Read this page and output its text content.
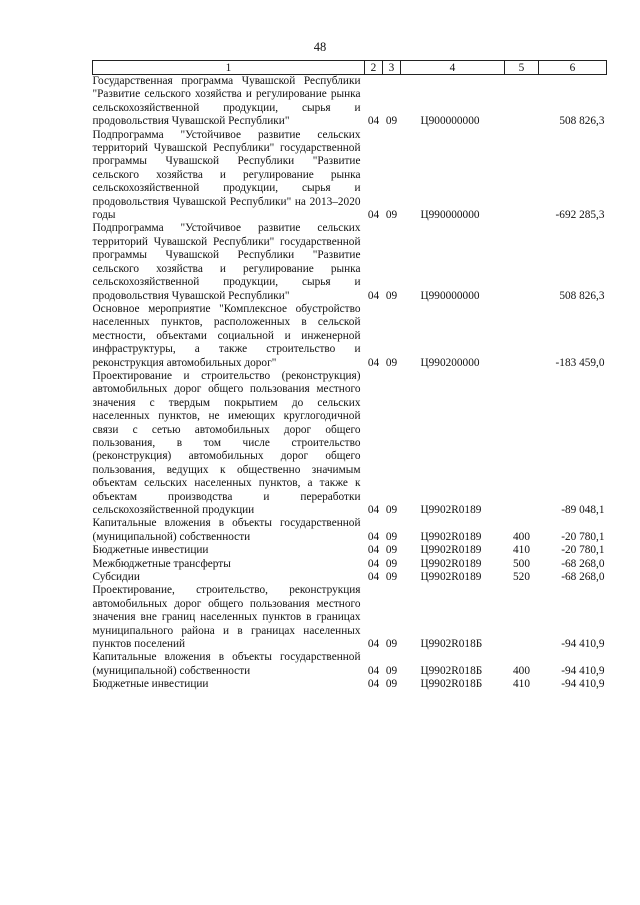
48
1	2	3	4	5	6
Государственная программа Чувашской Республики "Развитие сельского хозяйства и регулирование рынка сельскохозяйственной продукции, сырья и продовольствия Чувашской Республики"	04	09	Ц900000000		508 826,3
Подпрограмма "Устойчивое развитие сельских территорий Чувашской Республики" государственной программы Чувашской Республики "Развитие сельского хозяйства и регулирование рынка сельскохозяйственной продукции, сырья и продовольствия Чувашской Республики" на 2013–2020 годы	04	09	Ц990000000		-692 285,3
Подпрограмма "Устойчивое развитие сельских территорий Чувашской Республики" государственной программы Чувашской Республики "Развитие сельского хозяйства и регулирование рынка сельскохозяйственной продукции, сырья и продовольствия Чувашской Республики"	04	09	Ц990000000		508 826,3
Основное мероприятие "Комплексное обустройство населенных пунктов, расположенных в сельской местности, объектами социальной и инженерной инфраструктуры, а также строительство и реконструкция автомобильных дорог"	04	09	Ц990200000		-183 459,0
Проектирование и строительство (реконструкция) автомобильных дорог общего пользования местного значения с твердым покрытием до сельских населенных пунктов, не имеющих круглогодичной связи с сетью автомобильных дорог общего пользования, в том числе строительство (реконструкция) автомобильных дорог общего пользования, ведущих к общественно значимым объектам сельских населенных пунктов, а также к объектам производства и переработки сельскохозяйственной продукции	04	09	Ц9902R0189		-89 048,1
Капитальные вложения в объекты государственной (муниципальной) собственности	04	09	Ц9902R0189	400	-20 780,1
Бюджетные инвестиции	04	09	Ц9902R0189	410	-20 780,1
Межбюджетные трансферты	04	09	Ц9902R0189	500	-68 268,0
Субсидии	04	09	Ц9902R0189	520	-68 268,0
Проектирование, строительство, реконструкция автомобильных дорог общего пользования местного значения вне границ населенных пунктов в границах муниципального района и в границах населенных пунктов поселений	04	09	Ц9902R018Б		-94 410,9
Капитальные вложения в объекты государственной (муниципальной) собственности	04	09	Ц9902R018Б	400	-94 410,9
Бюджетные инвестиции	04	09	Ц9902R018Б	410	-94 410,9
